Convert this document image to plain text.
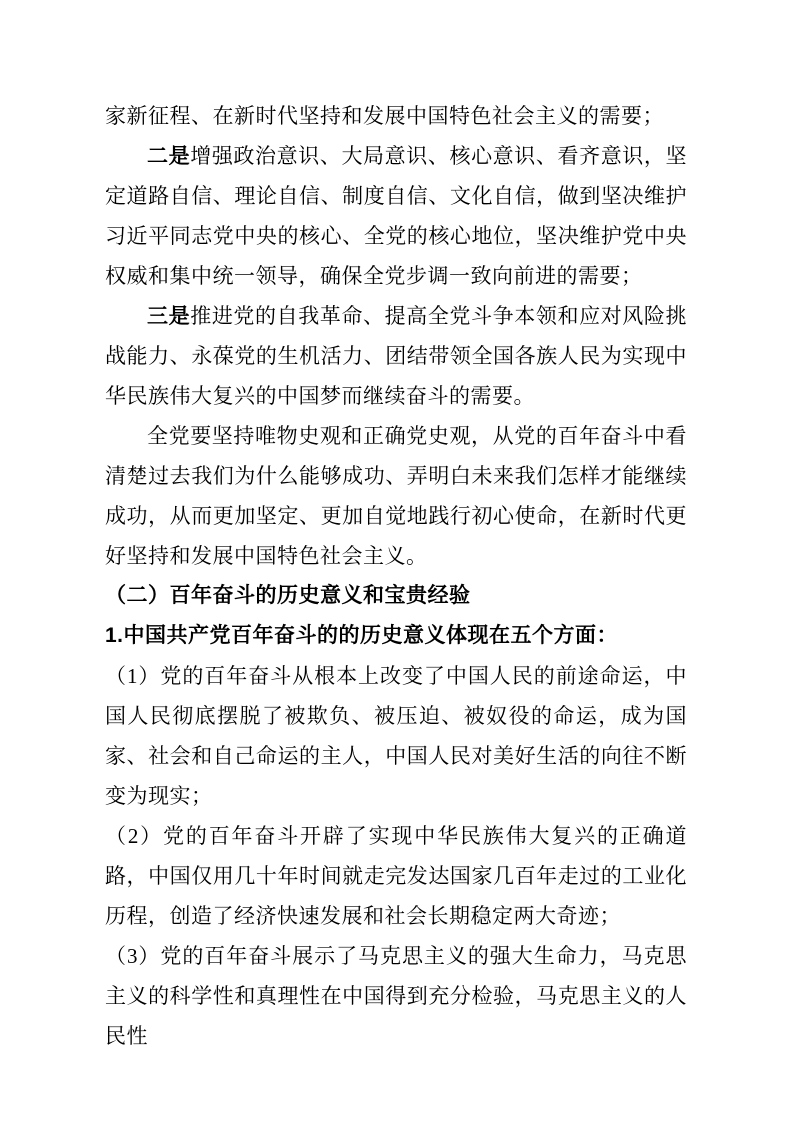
家新征程、在新时代坚持和发展中国特色社会主义的需要；

二是增强政治意识、大局意识、核心意识、看齐意识，坚定道路自信、理论自信、制度自信、文化自信，做到坚决维护习近平同志党中央的核心、全党的核心地位，坚决维护党中央权威和集中统一领导，确保全党步调一致向前进的需要；

三是推进党的自我革命、提高全党斗争本领和应对风险挑战能力、永葆党的生机活力、团结带领全国各族人民为实现中华民族伟大复兴的中国梦而继续奋斗的需要。

全党要坚持唯物史观和正确党史观，从党的百年奋斗中看清楚过去我们为什么能够成功、弄明白未来我们怎样才能继续成功，从而更加坚定、更加自觉地践行初心使命，在新时代更好坚持和发展中国特色社会主义。

（二）百年奋斗的历史意义和宝贵经验

1.中国共产党百年奋斗的的历史意义体现在五个方面：

（1）党的百年奋斗从根本上改变了中国人民的前途命运，中国人民彻底摆脱了被欺负、被压迫、被奴役的命运，成为国家、社会和自己命运的主人，中国人民对美好生活的向往不断变为现实；

（2）党的百年奋斗开辟了实现中华民族伟大复兴的正确道路，中国仅用几十年时间就走完发达国家几百年走过的工业化历程，创造了经济快速发展和社会长期稳定两大奇迹；

（3）党的百年奋斗展示了马克思主义的强大生命力，马克思主义的科学性和真理性在中国得到充分检验，马克思主义的人民性
